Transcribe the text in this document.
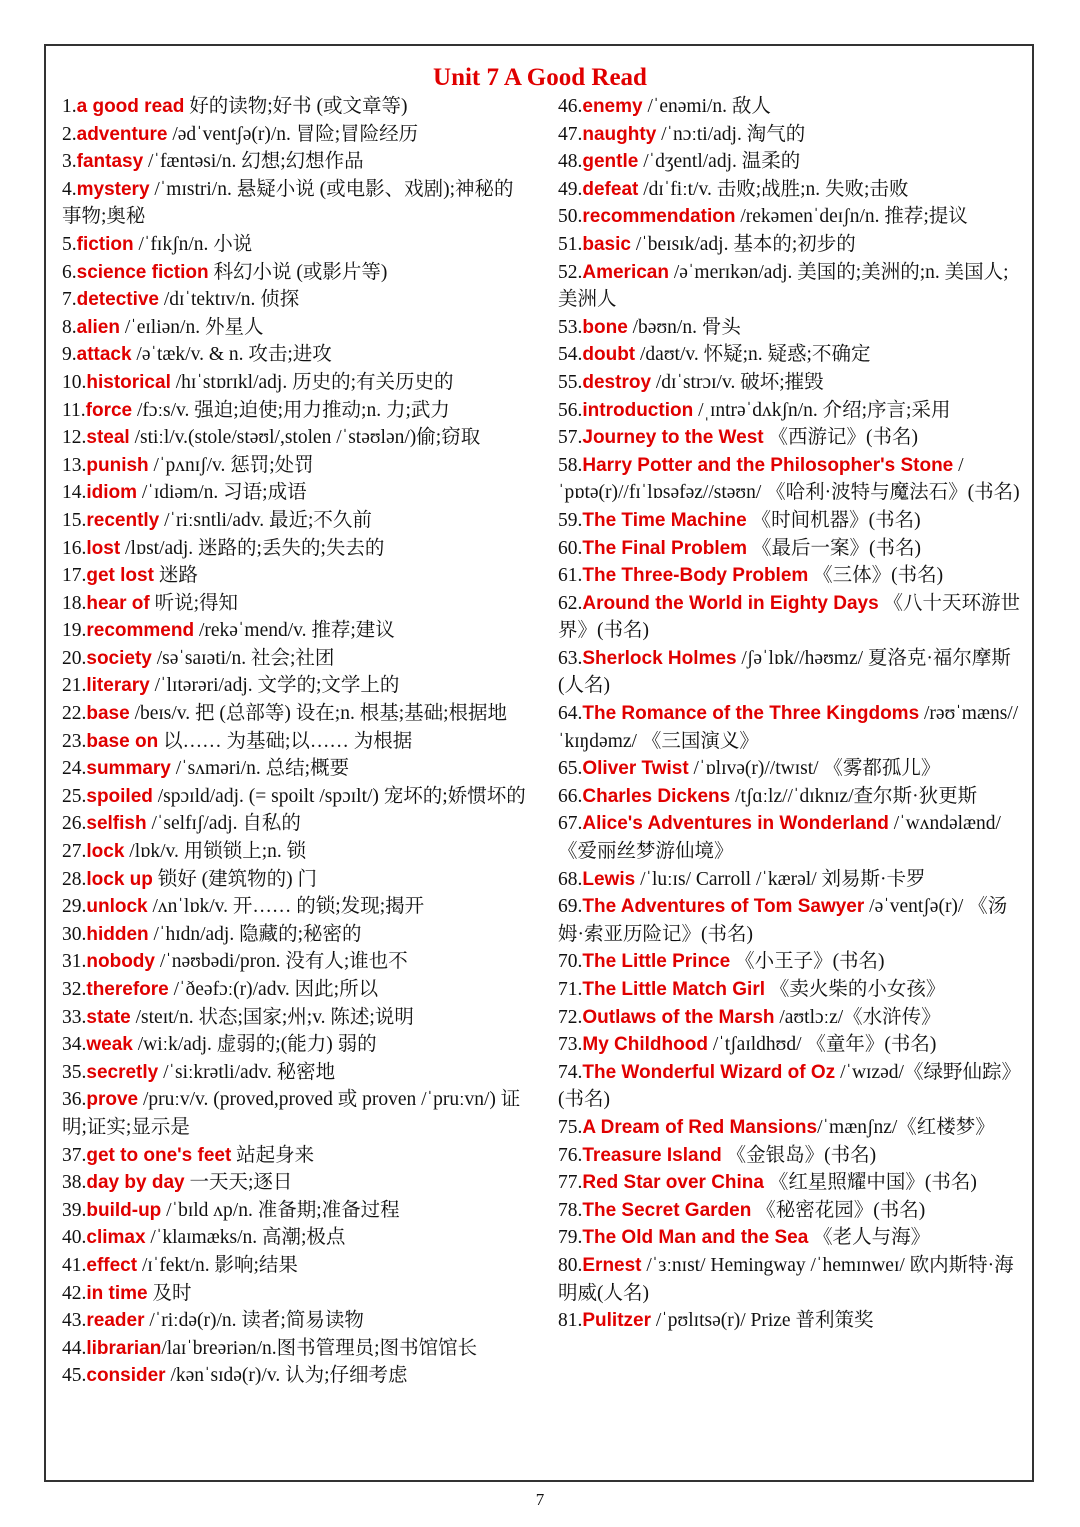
Unit 7 A Good Read
1.a good read 好的读物;好书 (或文章等)
2.adventure /ədˈventʃə(r)/n. 冒险;冒险经历
3.fantasy /ˈfæntəsi/n. 幻想;幻想作品
4.mystery /ˈmɪstri/n. 悬疑小说 (或电影、戏剧);神秘的事物;奥秘
5.fiction /ˈfɪkʃn/n. 小说
6.science fiction 科幻小说 (或影片等)
7.detective /dɪˈtektɪv/n. 侦探
8.alien /ˈeɪliən/n. 外星人
9.attack /əˈtæk/v. & n. 攻击;进攻
10.historical /hɪˈstɒrɪkl/adj. 历史的;有关历史的
11.force /fɔːs/v. 强迫;迫使;用力推动;n. 力;武力
12.steal /stiːl/v.(stole/stəʊl/,stolen /ˈstəʊlən/)偷;窃取
13.punish /ˈpʌnɪʃ/v. 惩罚;处罚
14.idiom /ˈɪdiəm/n. 习语;成语
15.recently /ˈriːsntli/adv. 最近;不久前
16.lost /lɒst/adj. 迷路的;丢失的;失去的
17.get lost 迷路
18.hear of 听说;得知
19.recommend /rekəˈmend/v. 推荐;建议
20.society /səˈsaɪəti/n. 社会;社团
21.literary /ˈlɪtərəri/adj. 文学的;文学上的
22.base /beɪs/v. 把 (总部等) 设在;n. 根基;基础;根据地
23.base on 以…… 为基础;以…… 为根据
24.summary /ˈsʌməri/n. 总结;概要
25.spoiled /spɔɪld/adj. (= spoilt /spɔɪlt/) 宠坏的;娇惯坏的
26.selfish /ˈselfɪʃ/adj. 自私的
27.lock /lɒk/v. 用锁锁上;n. 锁
28.lock up 锁好 (建筑物的) 门
29.unlock /ʌnˈlɒk/v. 开…… 的锁;发现;揭开
30.hidden /ˈhɪdn/adj. 隐藏的;秘密的
31.nobody /ˈnəʊbədi/pron. 没有人;谁也不
32.therefore /ˈðeəfɔː(r)/adv. 因此;所以
33.state /steɪt/n. 状态;国家;州;v. 陈述;说明
34.weak /wiːk/adj. 虚弱的;(能力) 弱的
35.secretly /ˈsiːkrətli/adv. 秘密地
36.prove /pruːv/v. (proved,proved 或 proven /ˈpruːvn/) 证明;证实;显示是
37.get to one's feet 站起身来
38.day by day 一天天;逐日
39.build-up /ˈbɪld ʌp/n. 准备期;准备过程
40.climax /ˈklaɪmæks/n. 高潮;极点
41.effect /ɪˈfekt/n. 影响;结果
42.in time 及时
43.reader /ˈriːdə(r)/n. 读者;简易读物
44.librarian/laɪˈbreəriən/n.图书管理员;图书馆馆长
45.consider /kənˈsɪdə(r)/v. 认为;仔细考虑
46.enemy /ˈenəmi/n. 敌人
47.naughty /ˈnɔːti/adj. 淘气的
48.gentle /ˈdʒentl/adj. 温柔的
49.defeat /dɪˈfiːt/v. 击败;战胜;n. 失败;击败
50.recommendation /rekəmenˈdeɪʃn/n. 推荐;提议
51.basic /ˈbeɪsɪk/adj. 基本的;初步的
52.American /əˈmerɪkən/adj. 美国的;美洲的;n. 美国人;美洲人
53.bone /bəʊn/n. 骨头
54.doubt /daʊt/v. 怀疑;n. 疑惑;不确定
55.destroy /dɪˈstrɔɪ/v. 破坏;摧毁
56.introduction /ˌɪntrəˈdʌkʃn/n. 介绍;序言;采用
57.Journey to the West 《西游记》(书名)
58.Harry Potter and the Philosopher's Stone /ˈpɒtə(r)//fɪˈlɒsəfəz//stəʊn/ 《哈利·波特与魔法石》(书名)
59.The Time Machine 《时间机器》(书名)
60.The Final Problem 《最后一案》(书名)
61.The Three-Body Problem 《三体》(书名)
62.Around the World in Eighty Days 《八十天环游世界》(书名)
63.Sherlock Holmes /ʃəˈlɒk//həʊmz/ 夏洛克·福尔摩斯(人名)
64.The Romance of the Three Kingdoms /rəʊˈmæns//ˈkɪŋdəmz/ 《三国演义》
65.Oliver Twist /ˈɒlɪvə(r)//twɪst/ 《雾都孤儿》
66.Charles Dickens /tʃɑːlz//ˈdɪknɪz/查尔斯·狄更斯
67.Alice's Adventures in Wonderland /ˈwʌndəlænd/ 《爱丽丝梦游仙境》
68.Lewis /ˈluːɪs/ Carroll /ˈkærəl/ 刘易斯·卡罗
69.The Adventures of Tom Sawyer /əˈventʃə(r)/ 《汤姆·索亚历险记》(书名)
70.The Little Prince 《小王子》(书名)
71.The Little Match Girl 《卖火柴的小女孩》
72.Outlaws of the Marsh /aʊtlɔːz/《水浒传》
73.My Childhood /ˈtʃaɪldhʊd/ 《童年》(书名)
74.The Wonderful Wizard of Oz /ˈwɪzəd/《绿野仙踪》(书名)
75.A Dream of Red Mansions/ˈmænʃnz/《红楼梦》
76.Treasure Island 《金银岛》(书名)
77.Red Star over China 《红星照耀中国》(书名)
78.The Secret Garden 《秘密花园》(书名)
79.The Old Man and the Sea 《老人与海》
80.Ernest /ˈɜːnɪst/ Hemingway /ˈhemɪnweɪ/ 欧内斯特·海明威(人名)
81.Pulitzer /ˈpʊlɪtsə(r)/ Prize 普利策奖
7
